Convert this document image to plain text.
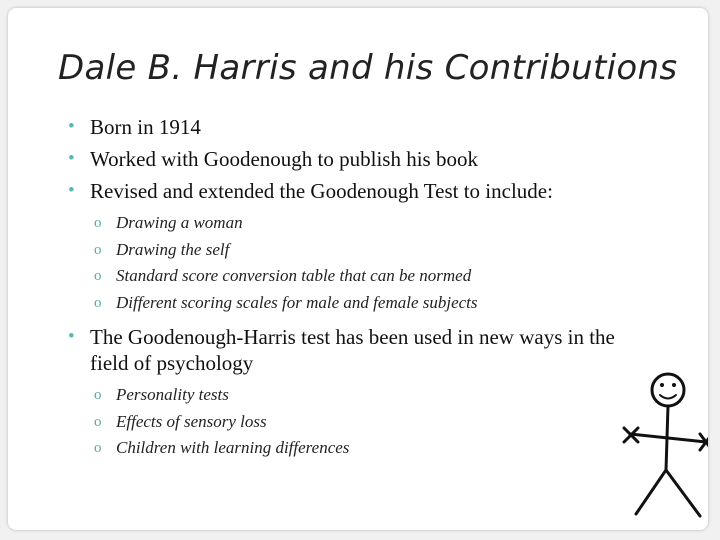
Dale B. Harris and his Contributions
• Born in 1914
• Worked with Goodenough to publish his book
• Revised and extended the Goodenough Test to include:
o Drawing a woman
o Drawing the self
o Standard score conversion table that can be normed
o Different scoring scales for male and female subjects
• The Goodenough-Harris test has been used in new ways in the field of psychology
o Personality tests
o Effects of sensory loss
o Children with learning differences
